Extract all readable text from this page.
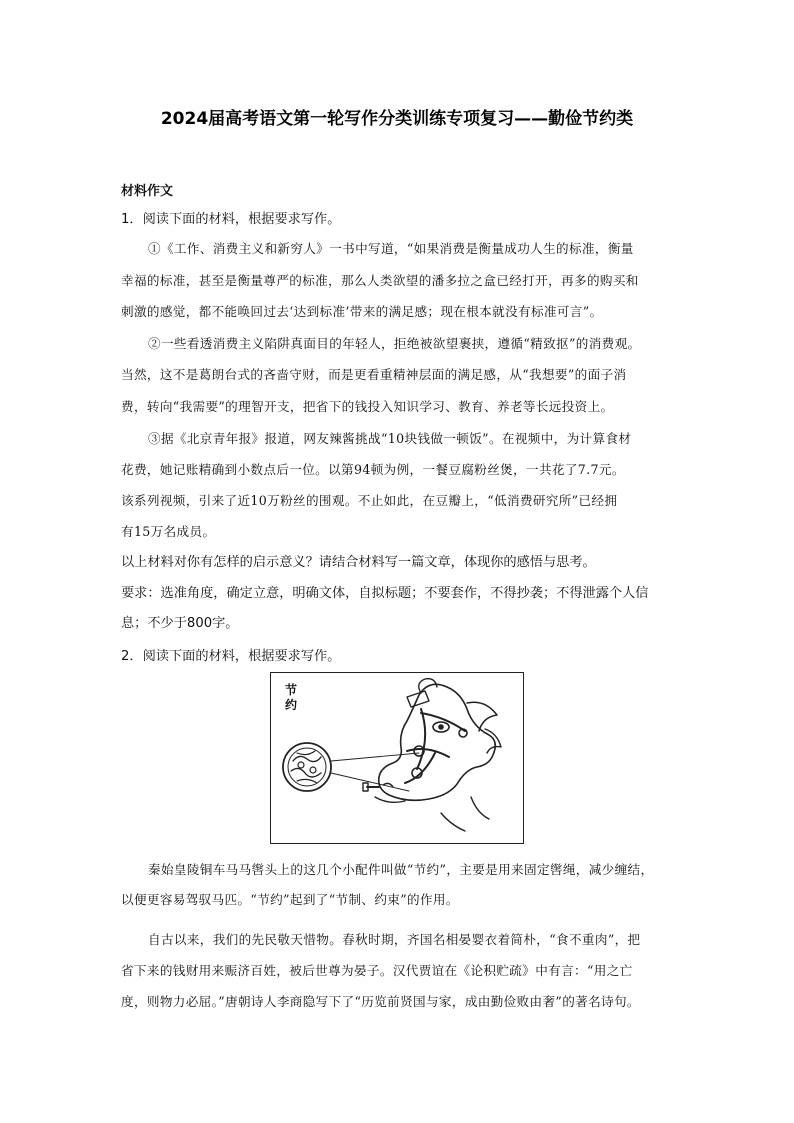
2024届高考语文第一轮写作分类训练专项复习——勤俭节约类
材料作文
1．阅读下面的材料，根据要求写作。
①《工作、消费主义和新穷人》一书中写道，“如果消费是衡量成功人生的标准，衡量
幸福的标准，甚至是衡量尊严的标准，那么人类欲望的潘多拉之盒已经打开，再多的购买和
刺激的感觉，都不能唤回过去‘达到标准’带来的满足感；现在根本就没有标准可言”。
②一些看透消费主义陷阱真面目的年轻人，拒绝被欲望裹挟，遵循“精致抠”的消费观。
当然，这不是葛朗台式的吝啬守财，而是更看重精神层面的满足感，从“我想要”的面子消
费，转向“我需要”的理智开支，把省下的钱投入知识学习、教育、养老等长远投资上。
③据《北京青年报》报道，网友辣酱挑战“10块钱做一顿饭”。在视频中，为计算食材
花费，她记账精确到小数点后一位。以第94顿为例，一餐豆腐粉丝煲，一共花了7.7元。
该系列视频，引来了近10万粉丝的围观。不止如此，在豆瓣上，“低消费研究所”已经拥
有15万名成员。
以上材料对你有怎样的启示意义？请结合材料写一篇文章，体现你的感悟与思考。
要求：选准角度，确定立意，明确文体，自拟标题；不要套作，不得抄袭；不得泄露个人信
息；不少于800字。
2．阅读下面的材料，根据要求写作。
节约
秦始皇陵铜车马马辔头上的这几个小配件叫做“节约”，主要是用来固定辔绳，减少缠结，
以便更容易驾驭马匹。“节约”起到了“节制、约束”的作用。
自古以来，我们的先民敬天惜物。春秋时期，齐国名相晏婴衣着简朴，“食不重肉”，把
省下来的钱财用来赈济百姓，被后世尊为晏子。汉代贾谊在《论积贮疏》中有言：“用之亡
度，则物力必屈。”唐朝诗人李商隐写下了“历览前贤国与家，成由勤俭败由奢”的著名诗句。
